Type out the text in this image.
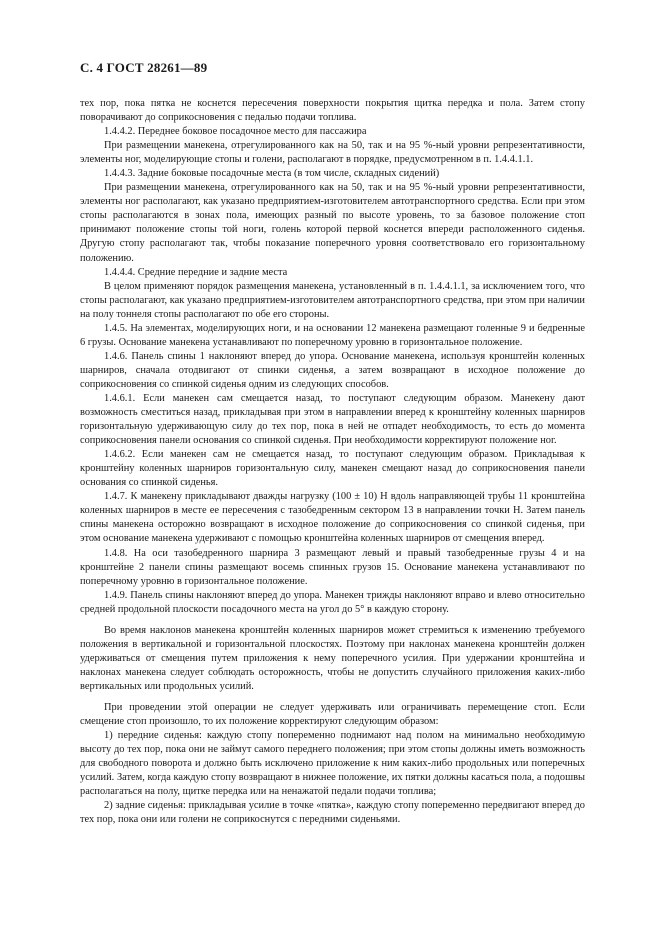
С. 4 ГОСТ 28261—89

тех пор, пока пятка не коснется пересечения поверхности покрытия щитка передка и пола. Затем стопу поворачивают до соприкосновения с педалью подачи топлива.

1.4.4.2. Переднее боковое посадочное место для пассажира

При размещении манекена, отрегулированного как на 50, так и на 95 %-ный уровни репрезентативности, элементы ног, моделирующие стопы и голени, располагают в порядке, предусмотренном в п. 1.4.4.1.1.

1.4.4.3. Задние боковые посадочные места (в том числе, складных сидений)

При размещении манекена, отрегулированного как на 50, так и на 95 %-ный уровни репрезентативности, элементы ног располагают, как указано предприятием-изготовителем автотранспортного средства. Если при этом стопы располагаются в зонах пола, имеющих разный по высоте уровень, то за базовое положение стоп принимают положение стопы той ноги, голень которой первой коснется впереди расположенного сиденья. Другую стопу располагают так, чтобы показание поперечного уровня соответствовало его горизонтальному положению.

1.4.4.4. Средние передние и задние места

В целом применяют порядок размещения манекена, установленный в п. 1.4.4.1.1, за исключением того, что стопы располагают, как указано предприятием-изготовителем автотранспортного средства, при этом при наличии на полу тоннеля стопы располагают по обе его стороны.

1.4.5. На элементах, моделирующих ноги, и на основании 12 манекена размещают голенные 9 и бедренные 6 грузы. Основание манекена устанавливают по поперечному уровню в горизонтальное положение.

1.4.6. Панель спины 1 наклоняют вперед до упора. Основание манекена, используя кронштейн коленных шарниров, сначала отодвигают от спинки сиденья, а затем возвращают в исходное положение до соприкосновения со спинкой сиденья одним из следующих способов.

1.4.6.1. Если манекен сам смещается назад, то поступают следующим образом. Манекену дают возможность сместиться назад, прикладывая при этом в направлении вперед к кронштейну коленных шарниров горизонтальную удерживающую силу до тех пор, пока в ней не отпадет необходимость, то есть до момента соприкосновения панели основания со спинкой сиденья. При необходимости корректируют положение ног.

1.4.6.2. Если манекен сам не смещается назад, то поступают следующим образом. Прикладывая к кронштейну коленных шарниров горизонтальную силу, манекен смещают назад до соприкосновения панели основания со спинкой сиденья.

1.4.7. К манекену прикладывают дважды нагрузку (100 ± 10) Н вдоль направляющей трубы 11 кронштейна коленных шарниров в месте ее пересечения с тазобедренным сектором 13 в направлении точки Н. Затем панель спины манекена осторожно возвращают в исходное положение до соприкосновения со спинкой сиденья, при этом основание манекена удерживают с помощью кронштейна коленных шарниров от смещения вперед.

1.4.8. На оси тазобедренного шарнира 3 размещают левый и правый тазобедренные грузы 4 и на кронштейне 2 панели спины размещают восемь спинных грузов 15. Основание манекена устанавливают по поперечному уровню в горизонтальное положение.

1.4.9. Панель спины наклоняют вперед до упора. Манекен трижды наклоняют вправо и влево относительно средней продольной плоскости посадочного места на угол до 5° в каждую сторону.

Во время наклонов манекена кронштейн коленных шарниров может стремиться к изменению требуемого положения в вертикальной и горизонтальной плоскостях. Поэтому при наклонах манекена кронштейн должен удерживаться от смещения путем приложения к нему поперечного усилия. При удержании кронштейна и наклонах манекена следует соблюдать осторожность, чтобы не допустить случайного приложения каких-либо вертикальных или продольных усилий.

При проведении этой операции не следует удерживать или ограничивать перемещение стоп. Если смещение стоп произошло, то их положение корректируют следующим образом:

1) передние сиденья: каждую стопу попеременно поднимают над полом на минимально необходимую высоту до тех пор, пока они не займут самого переднего положения; при этом стопы должны иметь возможность для свободного поворота и должно быть исключено приложение к ним каких-либо продольных или поперечных усилий. Затем, когда каждую стопу возвращают в нижнее положение, их пятки должны касаться пола, а подошвы располагаться на полу, щитке передка или на ненажатой педали подачи топлива;

2) задние сиденья: прикладывая усилие в точке «пятка», каждую стопу попеременно передвигают вперед до тех пор, пока они или голени не соприкоснутся с передними сиденьями.
